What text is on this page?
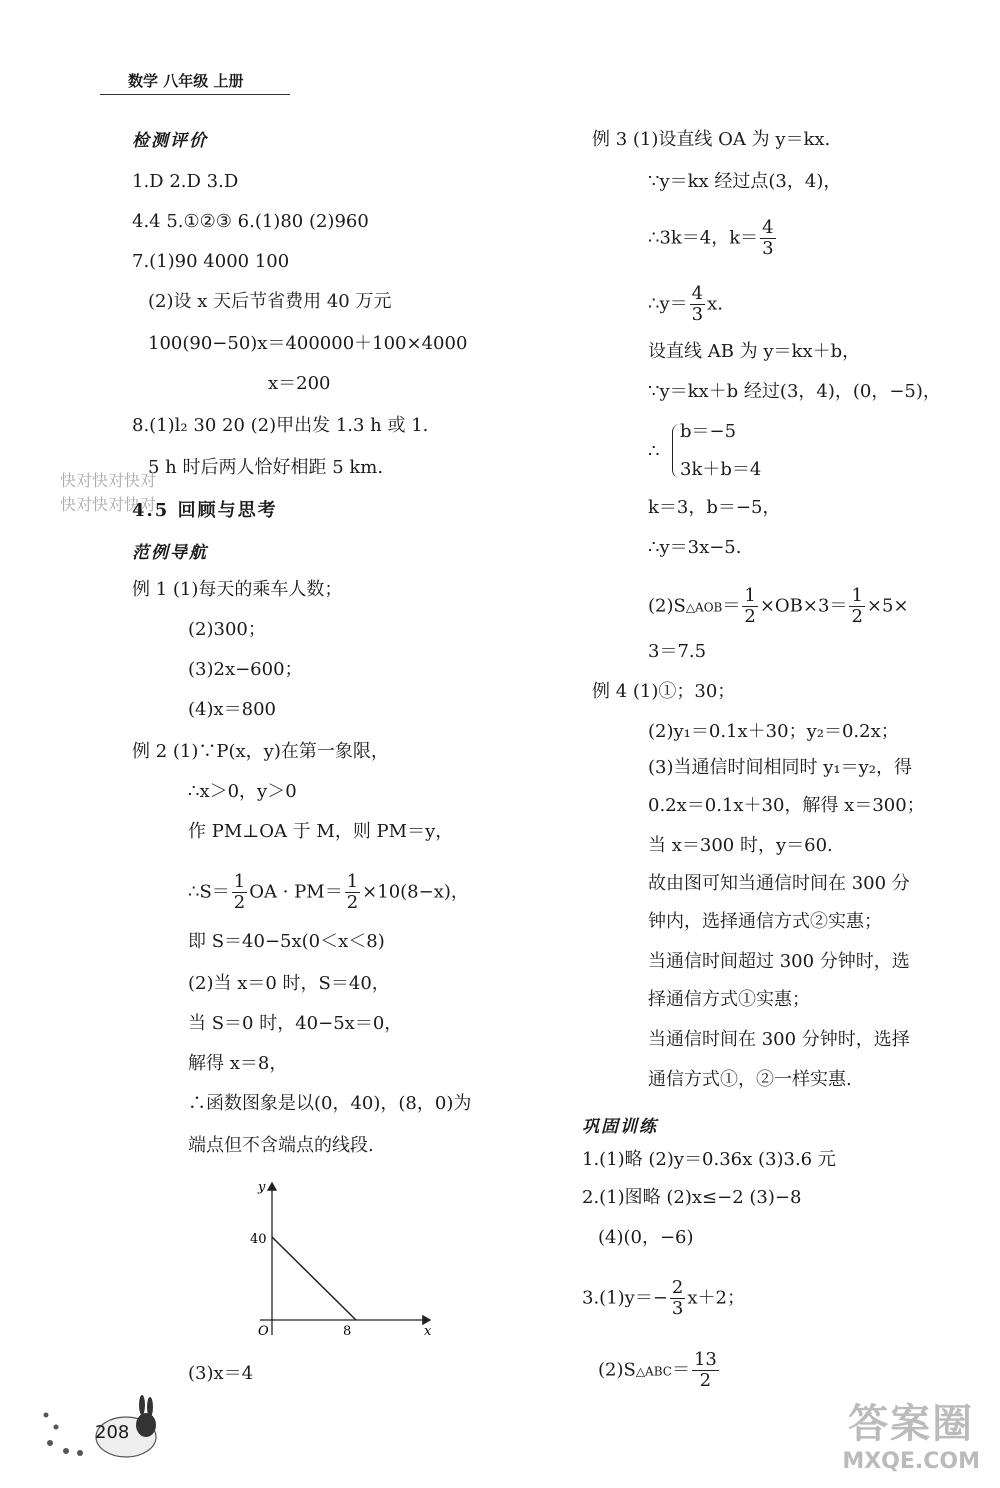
数学 八年级 上册
检测评价
1.D 2.D 3.D
4.4 5.①②③ 6.(1)80 (2)960
7.(1)90 4000 100
(2)设 x 天后节省费用 40 万元
100(90−50)x＝400000＋100×4000
x＝200
8.(1)l₂ 30 20 (2)甲出发 1.3 h 或 1.
5 h 时后两人恰好相距 5 km.
快对快对快对
快对快对快对
4.5 回顾与思考
范例导航
例 1 (1)每天的乘车人数；
(2)300；
(3)2x−600；
(4)x＝800
例 2 (1)∵P(x，y)在第一象限，
∴x＞0，y＞0
作 PM⊥OA 于 M，则 PM＝y，
∴S＝ $\frac{1}{2}$ OA · $PM= \frac{1}{2} \times 10(8-x)$，
即 S＝40−5x(0＜x＜8)
(2)当 x＝0 时，S＝40，
当 S＝0 时，40−5x＝0，
解得 x＝8，
∴函数图象是以(0，40)，(8，0)为
端点但不含端点的线段.
y
x
O
40
8
(3)x＝4
例 3 (1)设直线 OA 为 y＝kx.
∵y＝kx 经过点(3，4)，
∴3k＝4，$k= \frac{4}{3}$
∴y＝ $\frac{4}{3} x$.
设直线 AB 为 y＝kx＋b，
∵y＝kx＋b 经过(3，4)，(0，−5)，
∴
b＝−5
3k＋b＝4
k＝3，b＝−5，
∴y＝3x−5.
(2)S△AOB＝ $\frac{1}{2} \times OB\times 3= \frac{1}{2} \times 5\times$
3＝7.5
例 4 (1)①；30；
(2)y₁＝0.1x＋30；y₂＝0.2x；
(3)当通信时间相同时 y₁＝y₂，得
0.2x＝0.1x＋30，解得 x＝300；
当 x＝300 时，y＝60.
故由图可知当通信时间在 300 分
钟内，选择通信方式②实惠；
当通信时间超过 300 分钟时，选
择通信方式①实惠；
当通信时间在 300 分钟时，选择
通信方式①，②一样实惠.
巩固训练
1.(1)略 (2)y＝0.36x (3)3.6 元
2.(1)图略 (2)x≤−2 (3)−8
(4)(0，−6)
$3.(1)y=- \frac{2}{3} x+2$；
(2)S△ABC＝ $\frac{13}{2}$
208	答案圈
MXQE.COM
